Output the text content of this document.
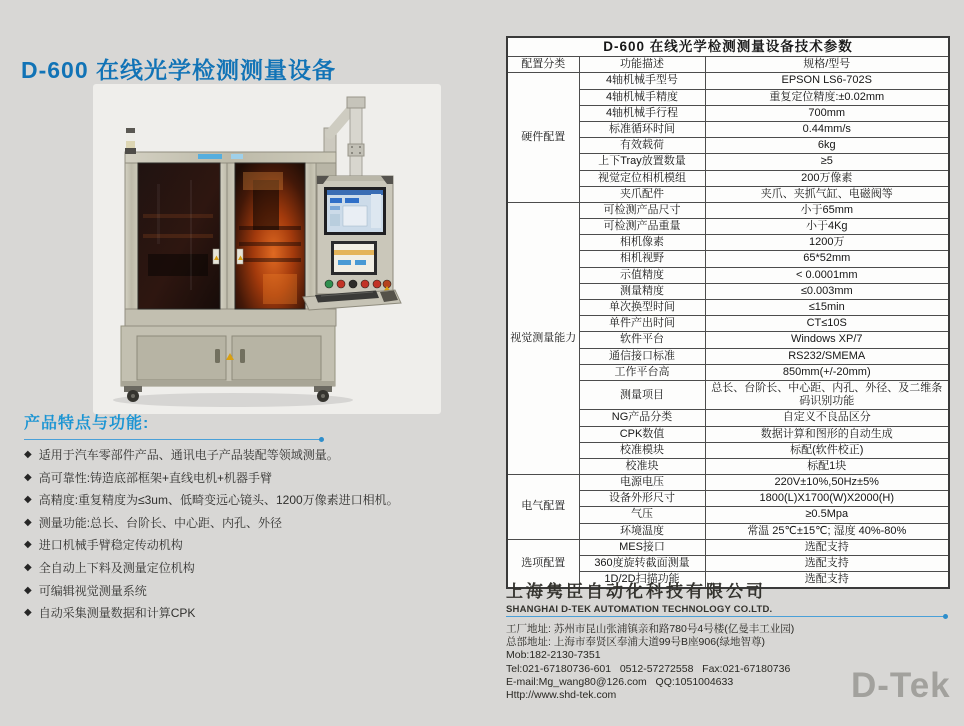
D-600 在线光学检测测量设备
产品特点与功能:
◆ 适用于汽车零部件产品、通讯电子产品装配等领域测量。
◆ 高可靠性:铸造底部框架+直线电机+机器手臂
◆ 高精度:重复精度为≤3um、低畸变远心镜头、1200万像素进口相机。
◆ 测量功能:总长、台阶长、中心距、内孔、外径
◆ 进口机械手臂稳定传动机构
◆ 全自动上下料及测量定位机构
◆ 可编辑视觉测量系统
◆ 自动采集测量数据和计算CPK
D-600 在线光学检测测量设备技术参数		
配置分类	功能描述	规格/型号
硬件配置	4轴机械手型号	EPSON LS6-702S
	4轴机械手精度	重复定位精度:±0.02mm
	4轴机械手行程	700mm
	标准循环时间	0.44mm/s
	有效载荷	6kg
	上下Tray放置数量	≥5
	视觉定位相机模组	200万像素
	夹爪配件	夹爪、夹抓气缸、电磁阀等
视觉测量能力	可检测产品尺寸	小于65mm
	可检测产品重量	小于4Kg
	相机像素	1200万
	相机视野	65*52mm
	示值精度	< 0.0001mm
	测量精度	≤0.003mm
	单次换型时间	≤15min
	单件产出时间	CT≤10S
	软件平台	Windows XP/7
	通信接口标准	RS232/SMEMA
	工作平台高	850mm(+/-20mm)
	测量项目	总长、台阶长、中心距、内孔、外径、及二维条码识别功能
	NG产品分类	自定义不良品区分
	CPK数值	数据计算和图形的自动生成
	校准模块	标配(软件校正)
	校准块	标配1块
电气配置	电源电压	220V±10%,50Hz±5%
	设备外形尺寸	1800(L)X1700(W)X2000(H)
	气压	≥0.5Mpa
	环境温度	常温 25℃±15℃; 湿度 40%-80%
选项配置	MES接口	选配支持
	360度旋转截面测量	选配支持
	1D/2D扫描功能	选配支持
上海隽臣自动化科技有限公司
SHANGHAI D-TEK AUTOMATION TECHNOLOGY CO.LTD.
工厂地址: 苏州市昆山张浦镇亲和路780号4号楼(亿曼丰工业园)
总部地址: 上海市奉贤区奉浦大道99号B座906(绿地智尊)
Mob:182-2130-7351
Tel:021-67180736-601   0512-57272558   Fax:021-67180736
E-mail:Mg_wang80@126.com   QQ:1051004633
Http://www.shd-tek.com	D-Tek
